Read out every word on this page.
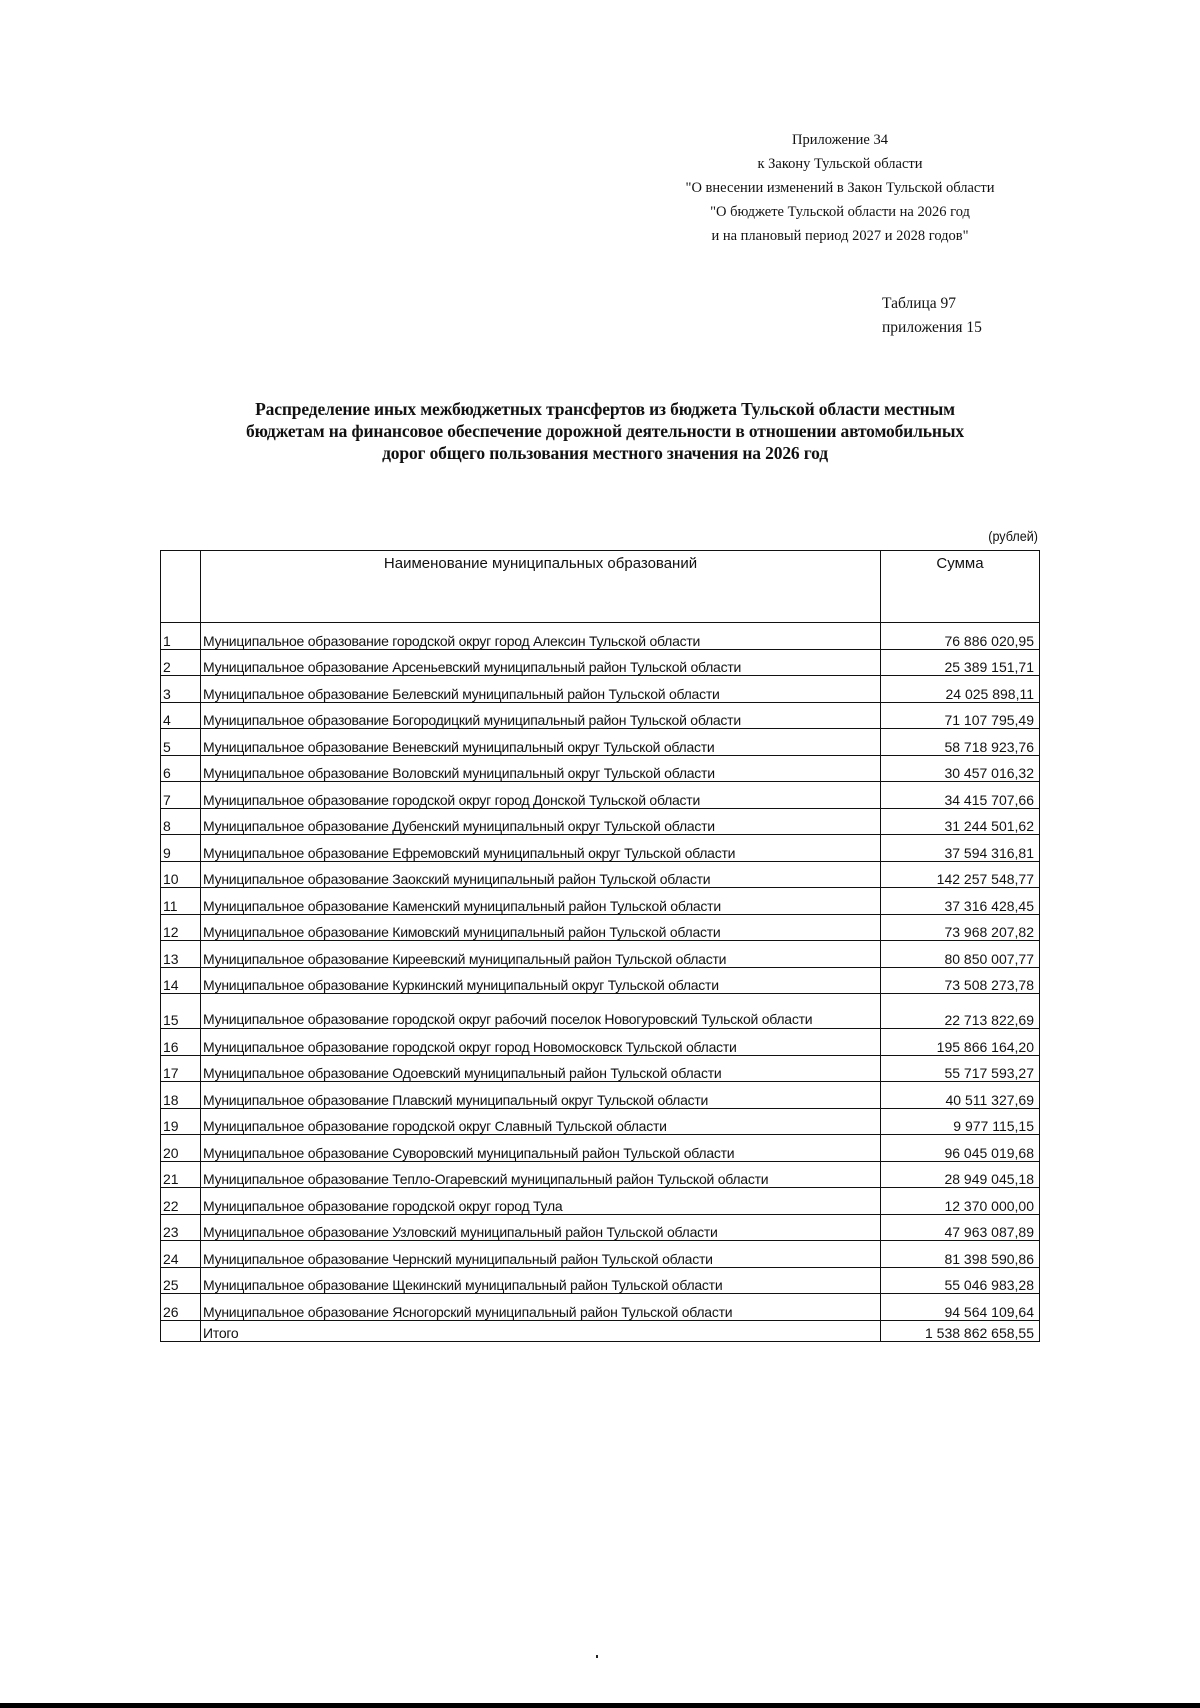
Приложение 34
к Закону Тульской области
"О внесении изменений в Закон Тульской области
"О бюджете Тульской области на 2026 год
и на плановый период 2027 и 2028 годов"
Таблица 97
приложения 15
Распределение иных межбюджетных трансфертов из бюджета Тульской области местным
бюджетам на финансовое обеспечение дорожной деятельности в отношении автомобильных
дорог общего пользования местного значения на 2026 год
(рублей)
	Наименование муниципальных образований	Сумма
1	Муниципальное образование городской округ город Алексин Тульской области	76 886 020,95
2	Муниципальное образование Арсеньевский муниципальный район Тульской области	25 389 151,71
3	Муниципальное образование Белевский муниципальный район Тульской области	24 025 898,11
4	Муниципальное образование Богородицкий муниципальный район Тульской области	71 107 795,49
5	Муниципальное образование Веневский муниципальный округ Тульской области	58 718 923,76
6	Муниципальное образование Воловский муниципальный округ Тульской области	30 457 016,32
7	Муниципальное образование городской округ город Донской Тульской области	34 415 707,66
8	Муниципальное образование Дубенский муниципальный округ Тульской области	31 244 501,62
9	Муниципальное образование Ефремовский муниципальный округ Тульской области	37 594 316,81
10	Муниципальное образование Заокский муниципальный район Тульской области	142 257 548,77
11	Муниципальное образование Каменский муниципальный район Тульской области	37 316 428,45
12	Муниципальное образование Кимовский муниципальный район Тульской области	73 968 207,82
13	Муниципальное образование Киреевский муниципальный район Тульской области	80 850 007,77
14	Муниципальное образование Куркинский муниципальный округ Тульской области	73 508 273,78
15	Муниципальное образование городской округ рабочий поселок Новогуровский Тульской области	22 713 822,69
16	Муниципальное образование городской округ город Новомосковск Тульской области	195 866 164,20
17	Муниципальное образование Одоевский муниципальный район Тульской области	55 717 593,27
18	Муниципальное образование Плавский муниципальный округ Тульской области	40 511 327,69
19	Муниципальное образование городской округ Славный Тульской области	9 977 115,15
20	Муниципальное образование Суворовский муниципальный район Тульской области	96 045 019,68
21	Муниципальное образование Тепло-Огаревский муниципальный район Тульской области	28 949 045,18
22	Муниципальное образование городской округ город Тула	12 370 000,00
23	Муниципальное образование Узловский муниципальный район Тульской области	47 963 087,89
24	Муниципальное образование Чернский муниципальный район Тульской области	81 398 590,86
25	Муниципальное образование Щекинский муниципальный район Тульской области	55 046 983,28
26	Муниципальное образование Ясногорский муниципальный район Тульской области	94 564 109,64
	Итого	1 538 862 658,55
